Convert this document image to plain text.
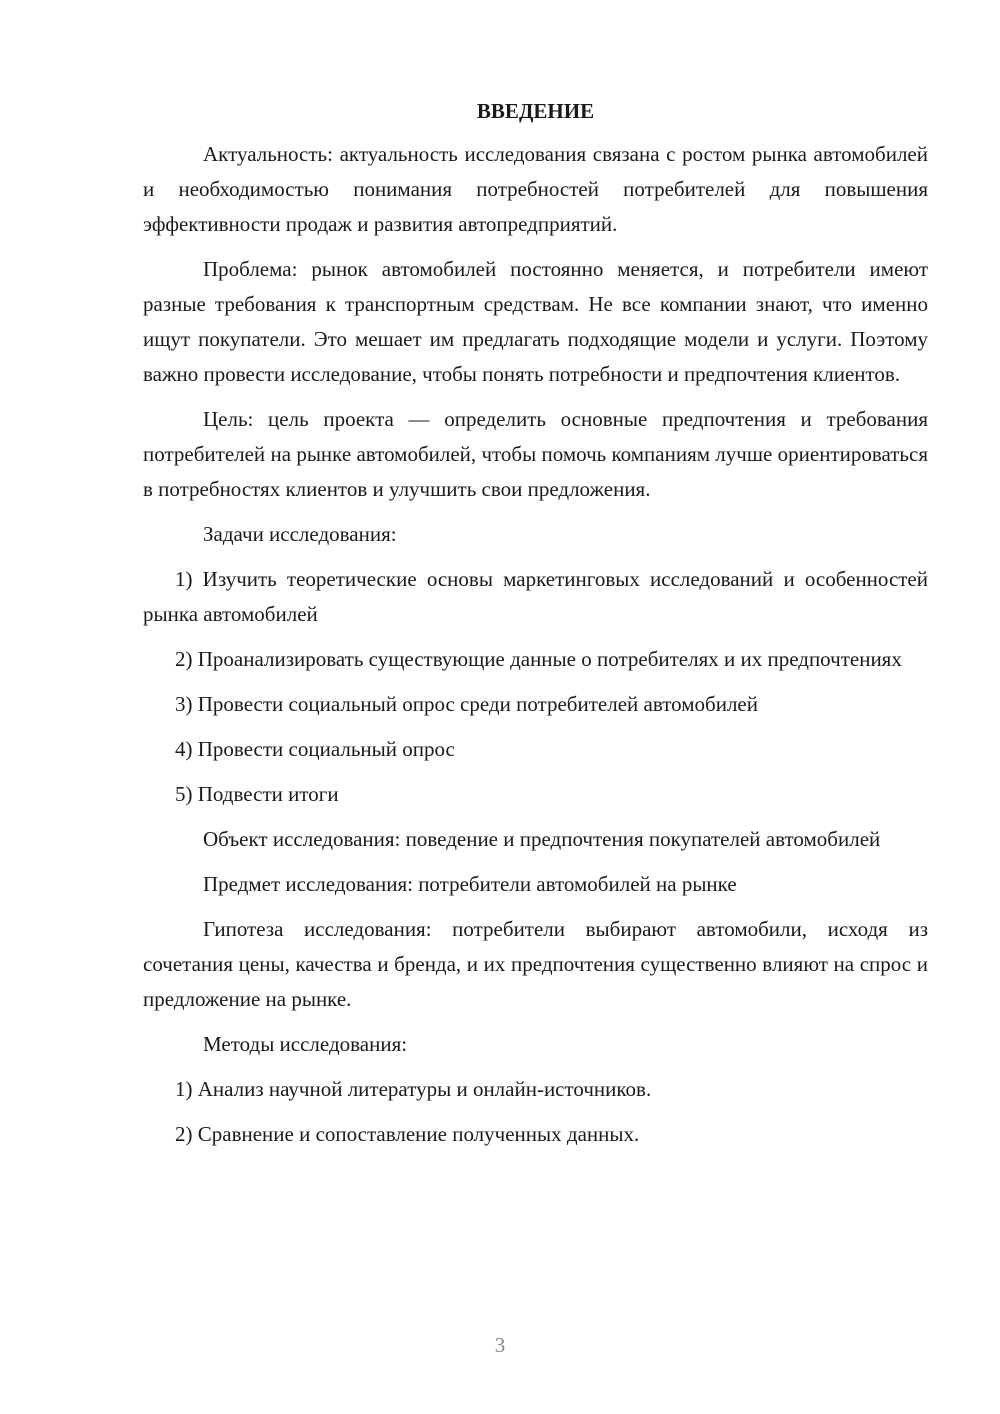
ВВЕДЕНИЕ

Актуальность: актуальность исследования связана с ростом рынка автомобилей и необходимостью понимания потребностей потребителей для повышения эффективности продаж и развития автопредприятий.

Проблема: рынок автомобилей постоянно меняется, и потребители имеют разные требования к транспортным средствам. Не все компании знают, что именно ищут покупатели. Это мешает им предлагать подходящие модели и услуги. Поэтому важно провести исследование, чтобы понять потребности и предпочтения клиентов.

Цель: цель проекта — определить основные предпочтения и требования потребителей на рынке автомобилей, чтобы помочь компаниям лучше ориентироваться в потребностях клиентов и улучшить свои предложения.

Задачи исследования:

1) Изучить теоретические основы маркетинговых исследований и особенностей рынка автомобилей

2) Проанализировать существующие данные о потребителях и их предпочтениях

3) Провести социальный опрос среди потребителей автомобилей

4) Провести социальный опрос

5) Подвести итоги

Объект исследования: поведение и предпочтения покупателей автомобилей

Предмет исследования: потребители автомобилей на рынке

Гипотеза исследования: потребители выбирают автомобили, исходя из сочетания цены, качества и бренда, и их предпочтения существенно влияют на спрос и предложение на рынке.

Методы исследования:

1) Анализ научной литературы и онлайн-источников.

2) Сравнение и сопоставление полученных данных.

3
